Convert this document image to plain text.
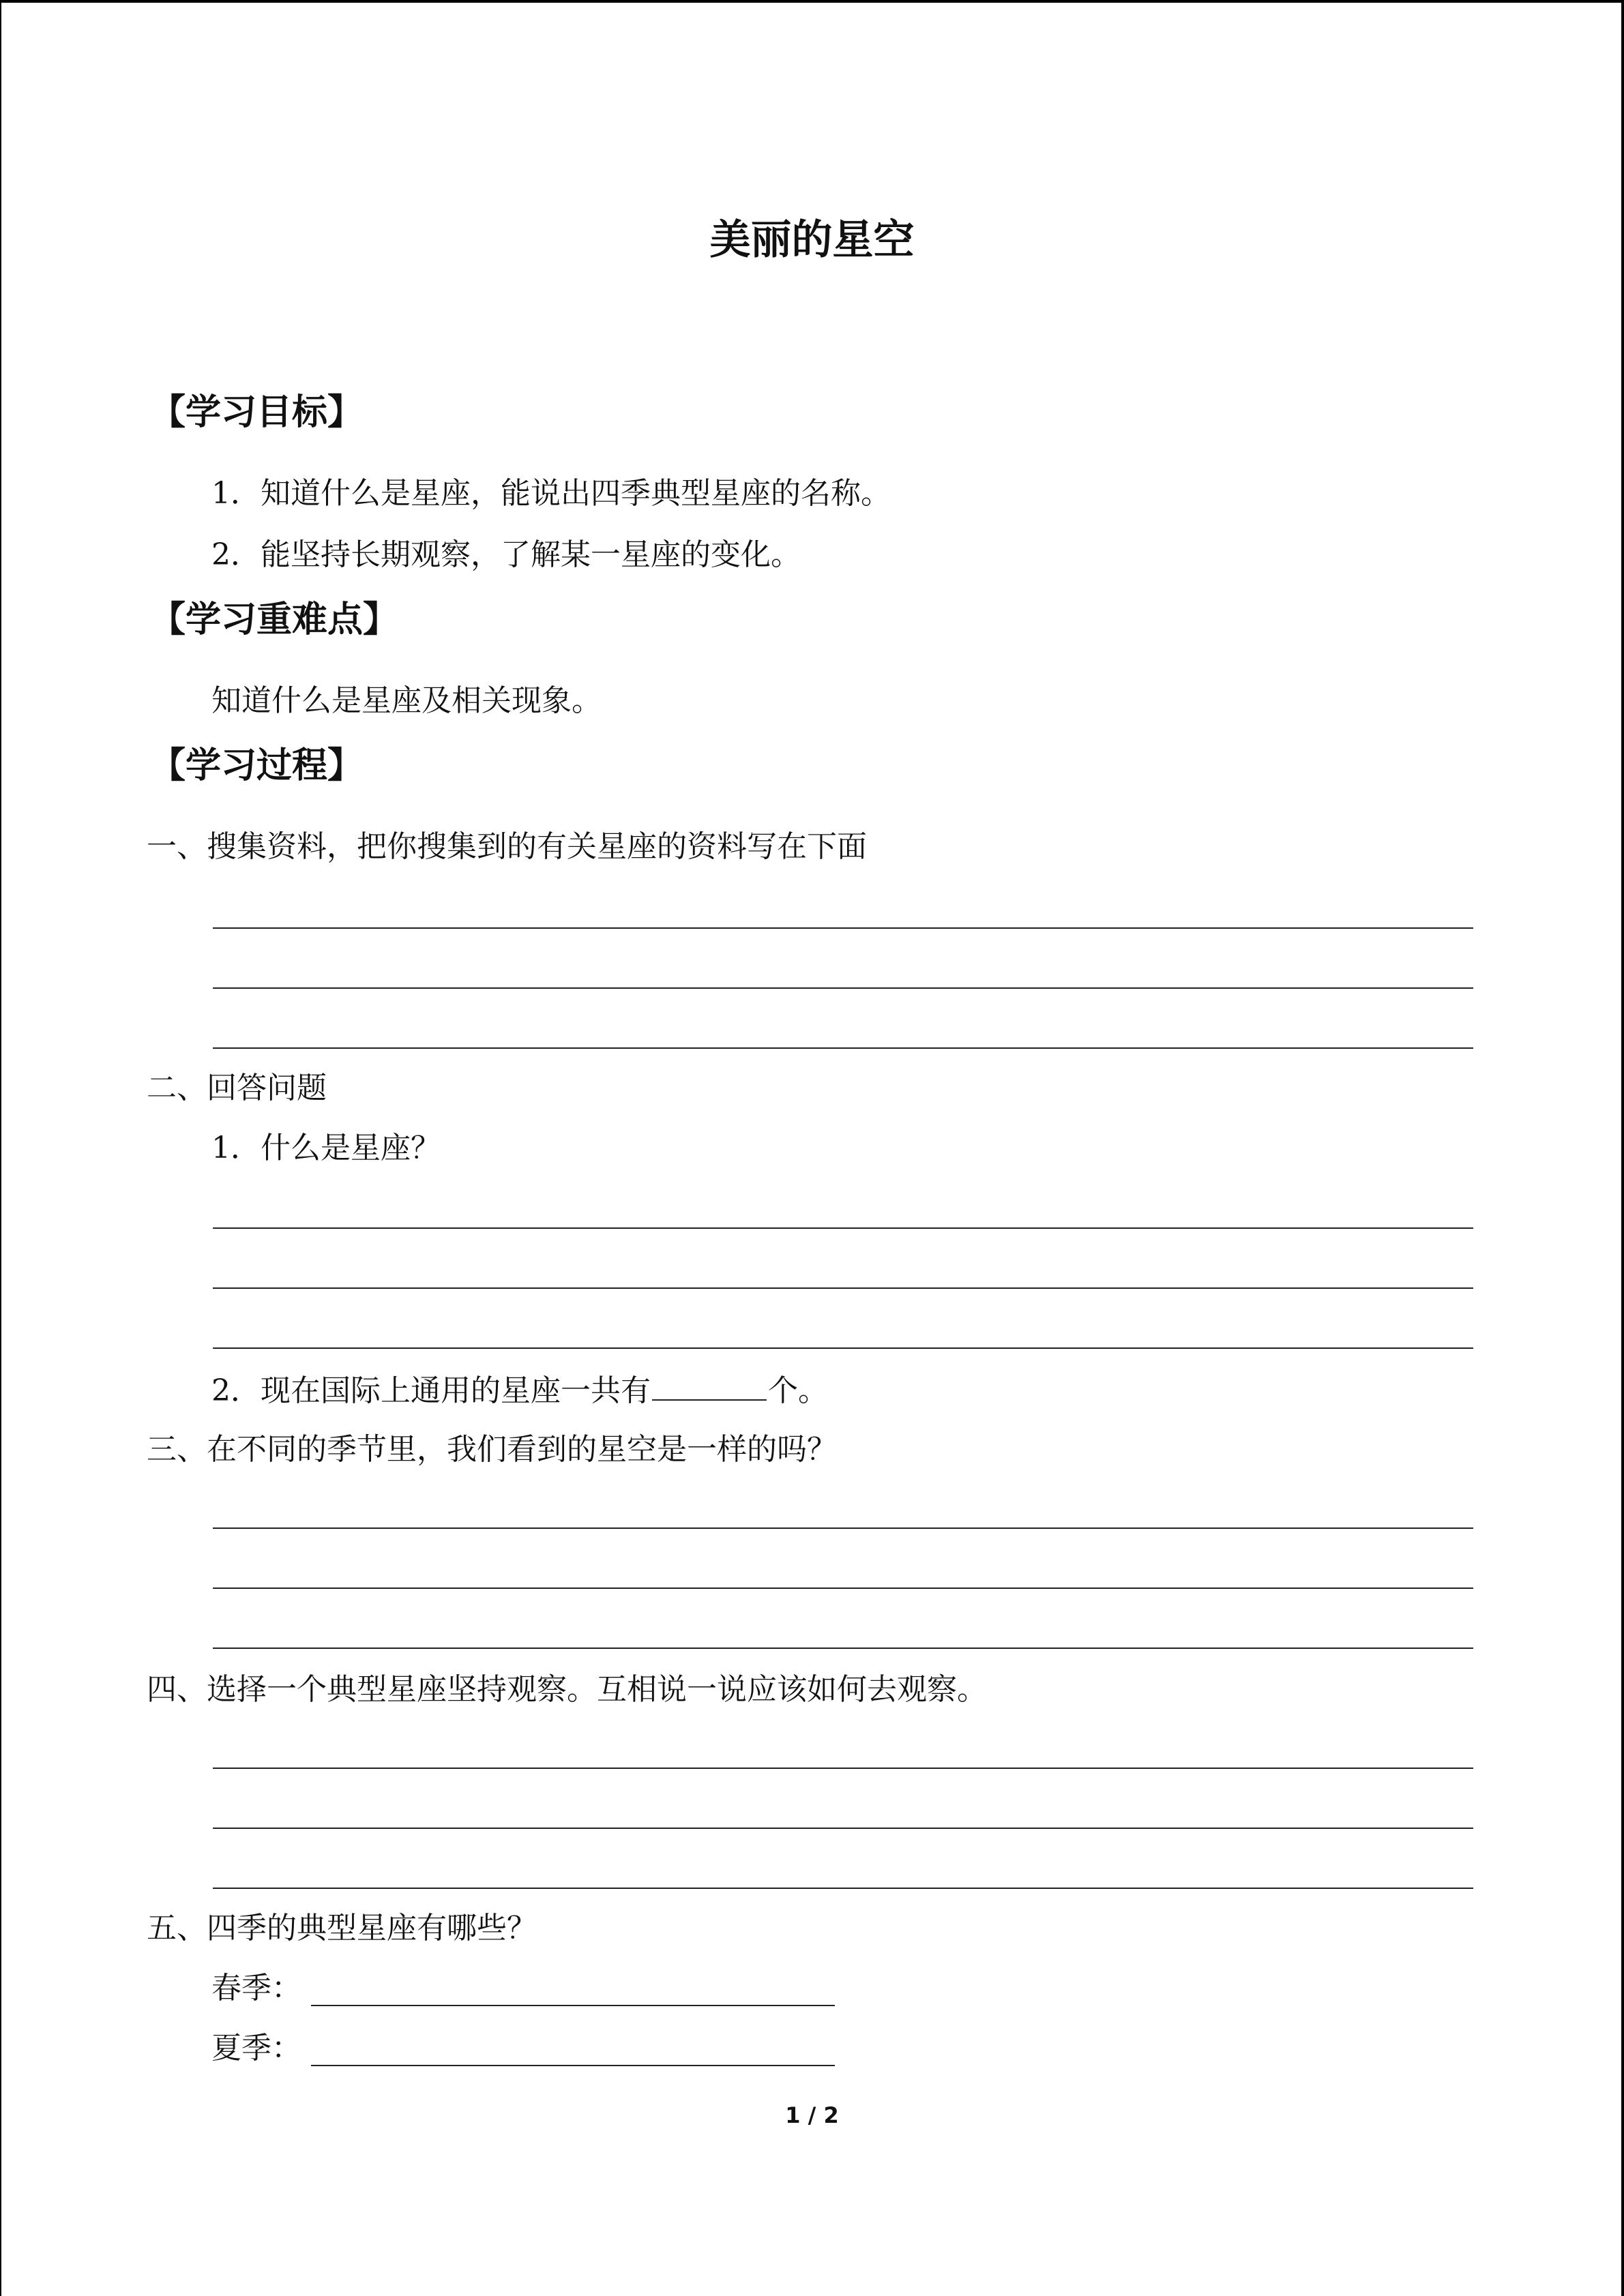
美丽的星空
【学习目标】
1．知道什么是星座，能说出四季典型星座的名称。
2．能坚持长期观察，了解某一星座的变化。
【学习重难点】
知道什么是星座及相关现象。
【学习过程】
一、搜集资料，把你搜集到的有关星座的资料写在下面
二、回答问题
1．什么是星座？
2．现在国际上通用的星座一共有	个。
三、在不同的季节里，我们看到的星空是一样的吗？
四、选择一个典型星座坚持观察。互相说一说应该如何去观察。
五、四季的典型星座有哪些？
春季：
夏季：
1 / 2
